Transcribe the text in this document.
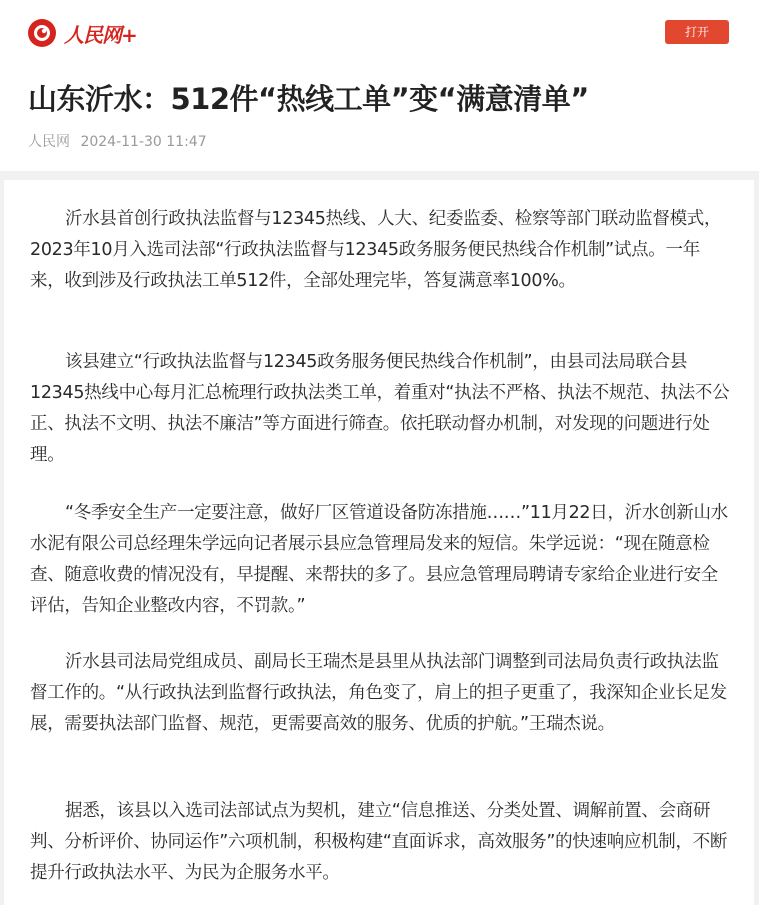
人民网+	打开
山东沂水：512件“热线工单”变“满意清单”
人民网 2024-11-30 11:47

沂水县首创行政执法监督与12345热线、人大、纪委监委、检察等部门联动监督模式，2023年10月入选司法部“行政执法监督与12345政务服务便民热线合作机制”试点。一年来，收到涉及行政执法工单512件，全部处理完毕，答复满意率100%。

该县建立“行政执法监督与12345政务服务便民热线合作机制”，由县司法局联合县12345热线中心每月汇总梳理行政执法类工单，着重对“执法不严格、执法不规范、执法不公正、执法不文明、执法不廉洁”等方面进行筛查。依托联动督办机制，对发现的问题进行处理。

“冬季安全生产一定要注意，做好厂区管道设备防冻措施……”11月22日，沂水创新山水水泥有限公司总经理朱学远向记者展示县应急管理局发来的短信。朱学远说：“现在随意检查、随意收费的情况没有，早提醒、来帮扶的多了。县应急管理局聘请专家给企业进行安全评估，告知企业整改内容，不罚款。”

沂水县司法局党组成员、副局长王瑞杰是县里从执法部门调整到司法局负责行政执法监督工作的。“从行政执法到监督行政执法，角色变了，肩上的担子更重了，我深知企业长足发展，需要执法部门监督、规范，更需要高效的服务、优质的护航。”王瑞杰说。

据悉，该县以入选司法部试点为契机，建立“信息推送、分类处置、调解前置、会商研判、分析评价、协同运作”六项机制，积极构建“直面诉求，高效服务”的快速响应机制，不断提升行政执法水平、为民为企服务水平。
